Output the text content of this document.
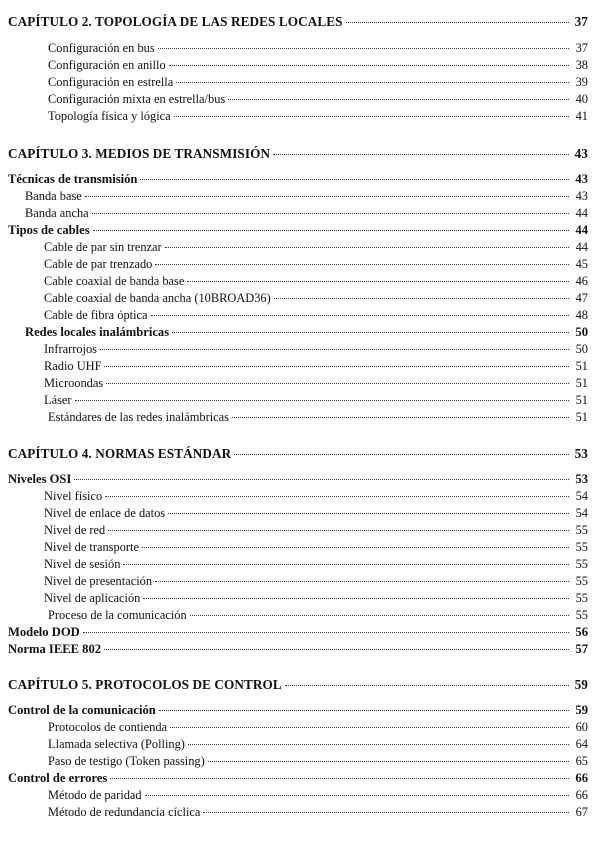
CAPÍTULO 2. TOPOLOGÍA DE LAS REDES LOCALES	37
Configuración en bus	37
Configuración en anillo	38
Configuración en estrella	39
Configuración mixta en estrella/bus	40
Topología física y lógica	41
CAPÍTULO 3. MEDIOS DE TRANSMISIÓN	43
Técnicas de transmisión	43
Banda base	43
Banda ancha	44
Tipos de cables	44
Cable de par sin trenzar	44
Cable de par trenzado	45
Cable coaxial de banda base	46
Cable coaxial de banda ancha (10BROAD36)	47
Cable de fibra óptica	48
Redes locales inalámbricas	50
Infrarrojos	50
Radio UHF	51
Microondas	51
Láser	51
Estándares de las redes inalámbricas	51
CAPÍTULO 4. NORMAS ESTÁNDAR	53
Niveles OSI	53
Nivel físico	54
Nivel de enlace de datos	54
Nivel de red	55
Nivel de transporte	55
Nivel de sesión	55
Nivel de presentación	55
Nivel de aplicación	55
Proceso de la comunicación	55
Modelo DOD	56
Norma IEEE 802	57
CAPÍTULO 5. PROTOCOLOS DE CONTROL	59
Control de la comunicación	59
Protocolos de contienda	60
Llamada selectiva (Polling)	64
Paso de testigo (Token passing)	65
Control de errores	66
Método de paridad	66
Método de redundancia cíclica	67
